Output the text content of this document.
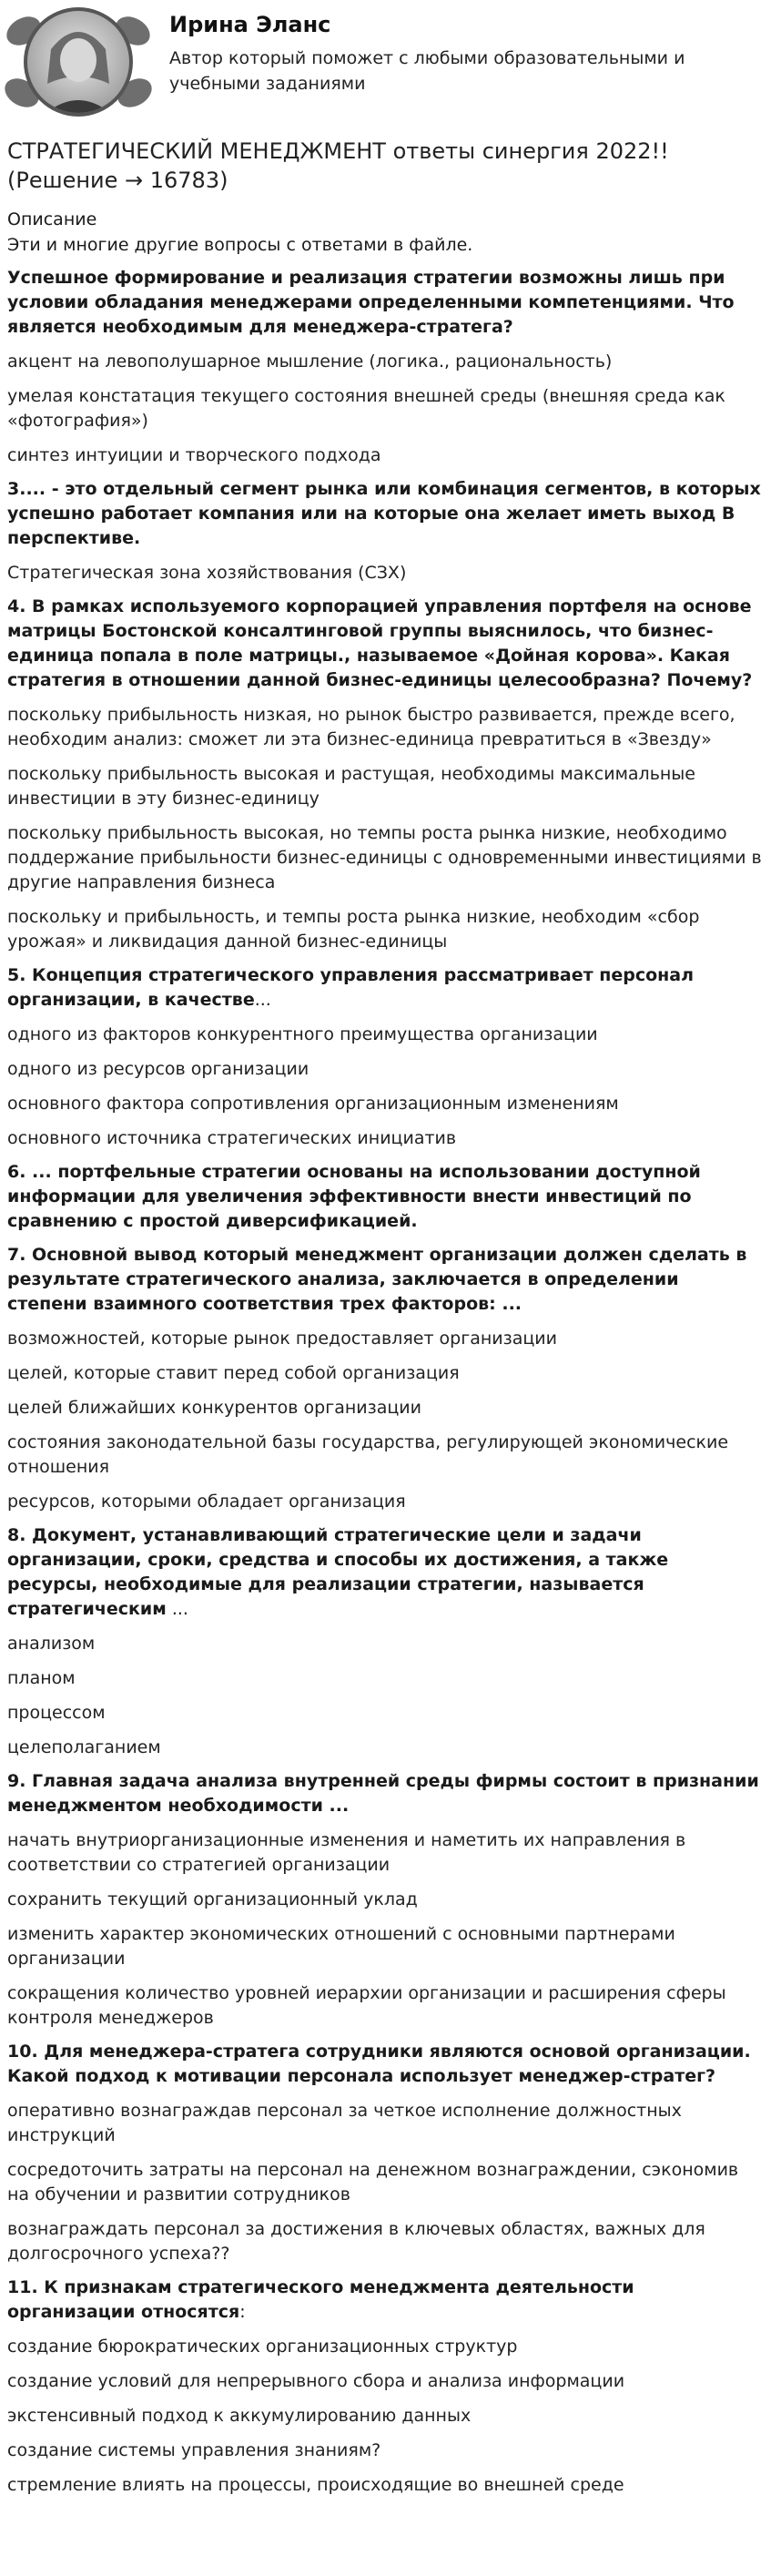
Ирина Эланс
Автор который поможет с любыми образовательными и учебными заданиями
СТРАТЕГИЧЕСКИЙ МЕНЕДЖМЕНТ ответы синергия 2022!!
(Решение → 16783)
Описание
Эти и многие другие вопросы с ответами в файле.
Успешное формирование и реализация стратегии возможны лишь при условии обладания менеджерами определенными компетенциями. Что является необходимым для менеджера-стратега?
акцент на левополушарное мышление (логика., рациональность)
умелая констатация текущего состояния внешней среды (внешняя среда как «фотография»)
синтез интуиции и творческого подхода
3.... - это отдельный сегмент рынка или комбинация сегментов, в которых успешно работает компания или на которые она желает иметь выход В перспективе.
Стратегическая зона хозяйствования (СЗХ)
4. В рамках используемого корпорацией управления портфеля на основе матрицы Бостонской консалтинговой группы выяснилось, что бизнес-единица попала в поле матрицы., называемое «Дойная корова». Какая стратегия в отношении данной бизнес-единицы целесообразна? Почему?
поскольку прибыльность низкая, но рынок быстро развивается, прежде всего, необходим анализ: сможет ли эта бизнес-единица превратиться в «Звезду»
поскольку прибыльность высокая и растущая, необходимы максимальные инвестиции в эту бизнес-единицу
поскольку прибыльность высокая, но темпы роста рынка низкие, необходимо поддержание прибыльности бизнес-единицы с одновременными инвестициями в другие направления бизнеса
поскольку и прибыльность, и темпы роста рынка низкие, необходим «сбор урожая» и ликвидация данной бизнес-единицы
5. Концепция стратегического управления рассматривает персонал организации, в качестве...
одного из факторов конкурентного преимущества организации
одного из ресурсов организации
основного фактора сопротивления организационным изменениям
основного источника стратегических инициатив
6. ... портфельные стратегии основаны на использовании доступной информации для увеличения эффективности внести инвестиций по сравнению с простой диверсификацией.
7. Основной вывод который менеджмент организации должен сделать в результате стратегического анализа, заключается в определении степени взаимного соответствия трех факторов: ...
возможностей, которые рынок предоставляет организации
целей, которые ставит перед собой организация
целей ближайших конкурентов организации
состояния законодательной базы государства, регулирующей экономические отношения
ресурсов, которыми обладает организация
8. Документ, устанавливающий стратегические цели и задачи организации, сроки, средства и способы их достижения, а также ресурсы, необходимые для реализации стратегии, называется стратегическим ...
анализом
планом
процессом
целеполаганием
9. Главная задача анализа внутренней среды фирмы состоит в признании менеджментом необходимости ...
начать внутриорганизационные изменения и наметить их направления в соответствии со стратегией организации
сохранить текущий организационный уклад
изменить характер экономических отношений с основными партнерами организации
сокращения количество уровней иерархии организации и расширения сферы контроля менеджеров
10. Для менеджера-стратега сотрудники являются основой организации. Какой подход к мотивации персонала использует менеджер-стратег?
оперативно вознаграждав персонал за четкое исполнение должностных инструкций
сосредоточить затраты на персонал на денежном вознаграждении, сэкономив на обучении и развитии сотрудников
вознаграждать персонал за достижения в ключевых областях, важных для долгосрочного успеха??
11. К признакам стратегического менеджмента деятельности организации относятся:
создание бюрократических организационных структур
создание условий для непрерывного сбора и анализа информации
экстенсивный подход к аккумулированию данных
создание системы управления знаниям?
стремление влиять на процессы, происходящие во внешней среде
